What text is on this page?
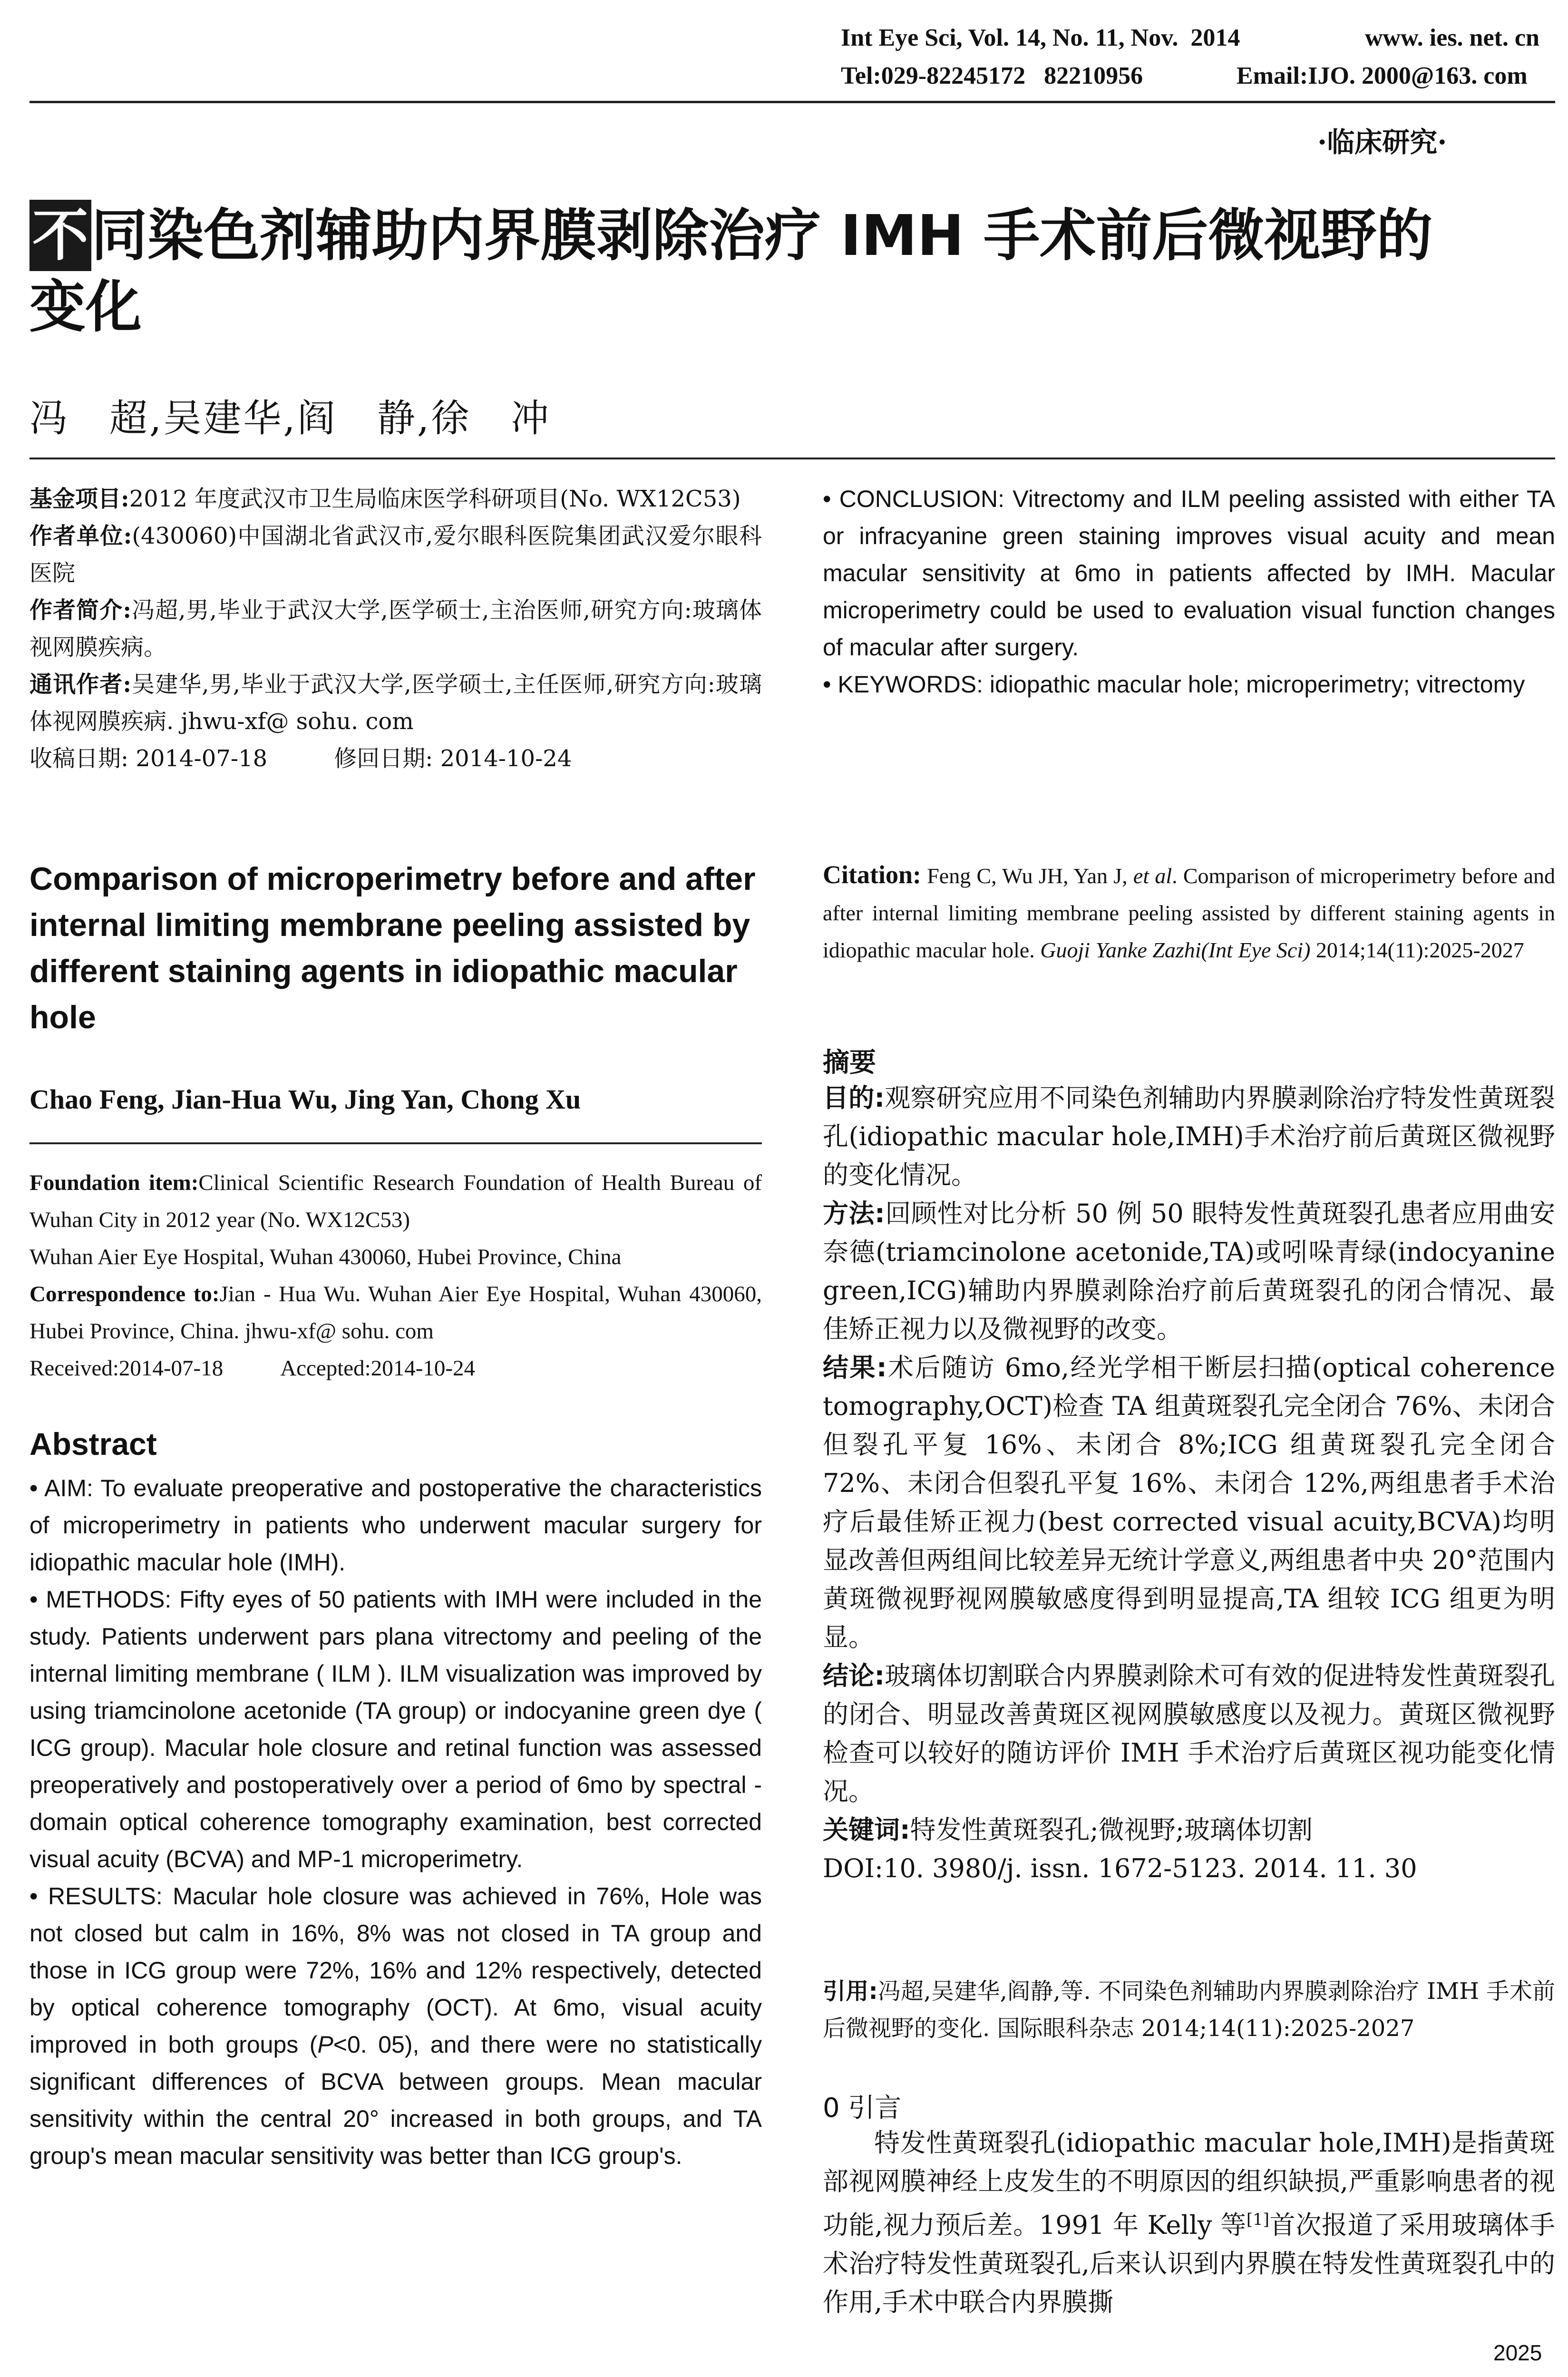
Int Eye Sci, Vol. 14, No. 11, Nov.  2014	www. ies. net. cn
Tel:029-82245172   82210956	Email:IJO. 2000@163. com
·临床研究·
不同染色剂辅助内界膜剥除治疗 IMH 手术前后微视野的
变化
冯　超,吴建华,阎　静,徐　冲
基金项目:2012 年度武汉市卫生局临床医学科研项目(No. WX12C53)
作者单位:(430060)中国湖北省武汉市,爱尔眼科医院集团武汉爱尔眼科医院
作者简介:冯超,男,毕业于武汉大学,医学硕士,主治医师,研究方向:玻璃体视网膜疾病。
通讯作者:吴建华,男,毕业于武汉大学,医学硕士,主任医师,研究方向:玻璃体视网膜疾病. jhwu-xf@ sohu. com
收稿日期: 2014-07-18	修回日期: 2014-10-24
Comparison of microperimetry before and after internal limiting membrane peeling assisted by different staining agents in idiopathic macular hole
Chao Feng, Jian-Hua Wu, Jing Yan, Chong Xu
Foundation item:Clinical Scientific Research Foundation of Health Bureau of Wuhan City in 2012 year (No. WX12C53)
Wuhan Aier Eye Hospital, Wuhan 430060, Hubei Province, China
Correspondence to:Jian - Hua Wu. Wuhan Aier Eye Hospital, Wuhan 430060, Hubei Province, China. jhwu-xf@ sohu. com
Received:2014-07-18	Accepted:2014-10-24
Abstract
• AIM: To evaluate preoperative and postoperative the characteristics of microperimetry in patients who underwent macular surgery for idiopathic macular hole (IMH).
• METHODS: Fifty eyes of 50 patients with IMH were included in the study. Patients underwent pars plana vitrectomy and peeling of the internal limiting membrane ( ILM ). ILM visualization was improved by using triamcinolone acetonide (TA group) or indocyanine green dye ( ICG group). Macular hole closure and retinal function was assessed preoperatively and postoperatively over a period of 6mo by spectral - domain optical coherence tomography examination, best corrected visual acuity (BCVA) and MP-1 microperimetry.
• RESULTS: Macular hole closure was achieved in 76%, Hole was not closed but calm in 16%, 8% was not closed in TA group and those in ICG group were 72%, 16% and 12% respectively, detected by optical coherence tomography (OCT). At 6mo, visual acuity improved in both groups (P<0. 05), and there were no statistically significant differences of BCVA between groups. Mean macular sensitivity within the central 20° increased in both groups, and TA group's mean macular sensitivity was better than ICG group's.
• CONCLUSION: Vitrectomy and ILM peeling assisted with either TA or infracyanine green staining improves visual acuity and mean macular sensitivity at 6mo in patients affected by IMH. Macular microperimetry could be used to evaluation visual function changes of macular after surgery.
• KEYWORDS: idiopathic macular hole; microperimetry; vitrectomy
Citation: Feng C, Wu JH, Yan J, et al. Comparison of microperimetry before and after internal limiting membrane peeling assisted by different staining agents in idiopathic macular hole. Guoji Yanke Zazhi(Int Eye Sci) 2014;14(11):2025-2027
摘要
目的:观察研究应用不同染色剂辅助内界膜剥除治疗特发性黄斑裂孔(idiopathic macular hole,IMH)手术治疗前后黄斑区微视野的变化情况。
方法:回顾性对比分析 50 例 50 眼特发性黄斑裂孔患者应用曲安奈德(triamcinolone acetonide,TA)或吲哚青绿(indocyanine green,ICG)辅助内界膜剥除治疗前后黄斑裂孔的闭合情况、最佳矫正视力以及微视野的改变。
结果:术后随访 6mo,经光学相干断层扫描(optical coherence tomography,OCT)检查 TA 组黄斑裂孔完全闭合 76%、未闭合但裂孔平复 16%、未闭合 8%;ICG 组黄斑裂孔完全闭合 72%、未闭合但裂孔平复 16%、未闭合 12%,两组患者手术治疗后最佳矫正视力(best corrected visual acuity,BCVA)均明显改善但两组间比较差异无统计学意义,两组患者中央 20°范围内黄斑微视野视网膜敏感度得到明显提高,TA 组较 ICG 组更为明显。
结论:玻璃体切割联合内界膜剥除术可有效的促进特发性黄斑裂孔的闭合、明显改善黄斑区视网膜敏感度以及视力。黄斑区微视野检查可以较好的随访评价 IMH 手术治疗后黄斑区视功能变化情况。
关键词:特发性黄斑裂孔;微视野;玻璃体切割
DOI:10. 3980/j. issn. 1672-5123. 2014. 11. 30
引用:冯超,吴建华,阎静,等. 不同染色剂辅助内界膜剥除治疗 IMH 手术前后微视野的变化. 国际眼科杂志 2014;14(11):2025-2027
0 引言
特发性黄斑裂孔(idiopathic macular hole,IMH)是指黄斑部视网膜神经上皮发生的不明原因的组织缺损,严重影响患者的视功能,视力预后差。1991 年 Kelly 等[1]首次报道了采用玻璃体手术治疗特发性黄斑裂孔,后来认识到内界膜在特发性黄斑裂孔中的作用,手术中联合内界膜撕
2025
